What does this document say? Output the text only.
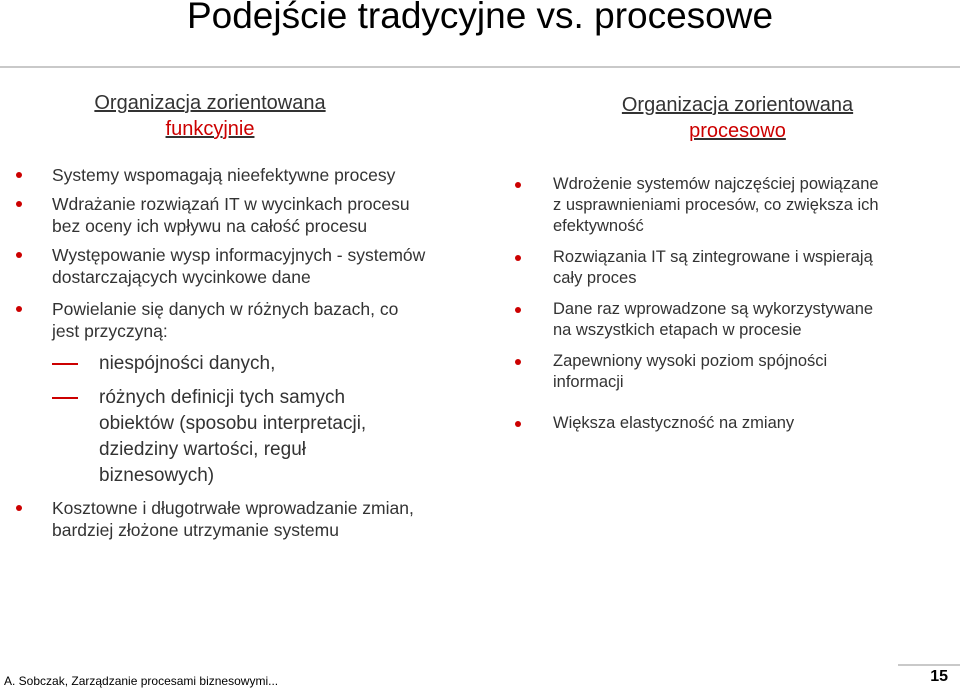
Podejście tradycyjne vs. procesowe
Organizacja zorientowana
funkcyjnie
Systemy wspomagają nieefektywne procesy
Wdrażanie rozwiązań IT w wycinkach procesu
bez oceny ich wpływu na całość procesu
Występowanie wysp informacyjnych - systemów
dostarczających wycinkowe dane
Powielanie się danych w różnych bazach, co
jest przyczyną:
niespójności danych,
różnych definicji tych samych
obiektów (sposobu interpretacji,
dziedziny wartości, reguł
biznesowych)
Kosztowne i długotrwałe wprowadzanie zmian,
bardziej złożone utrzymanie systemu
Organizacja zorientowana
procesowo
Wdrożenie systemów najczęściej powiązane
z usprawnieniami procesów, co zwiększa ich
efektywność
Rozwiązania IT są zintegrowane i wspierają
cały proces
Dane raz wprowadzone są wykorzystywane
na wszystkich etapach w procesie
Zapewniony wysoki poziom spójności
informacji
Większa elastyczność na zmiany
A. Sobczak, Zarządzanie procesami biznesowymi...	15
